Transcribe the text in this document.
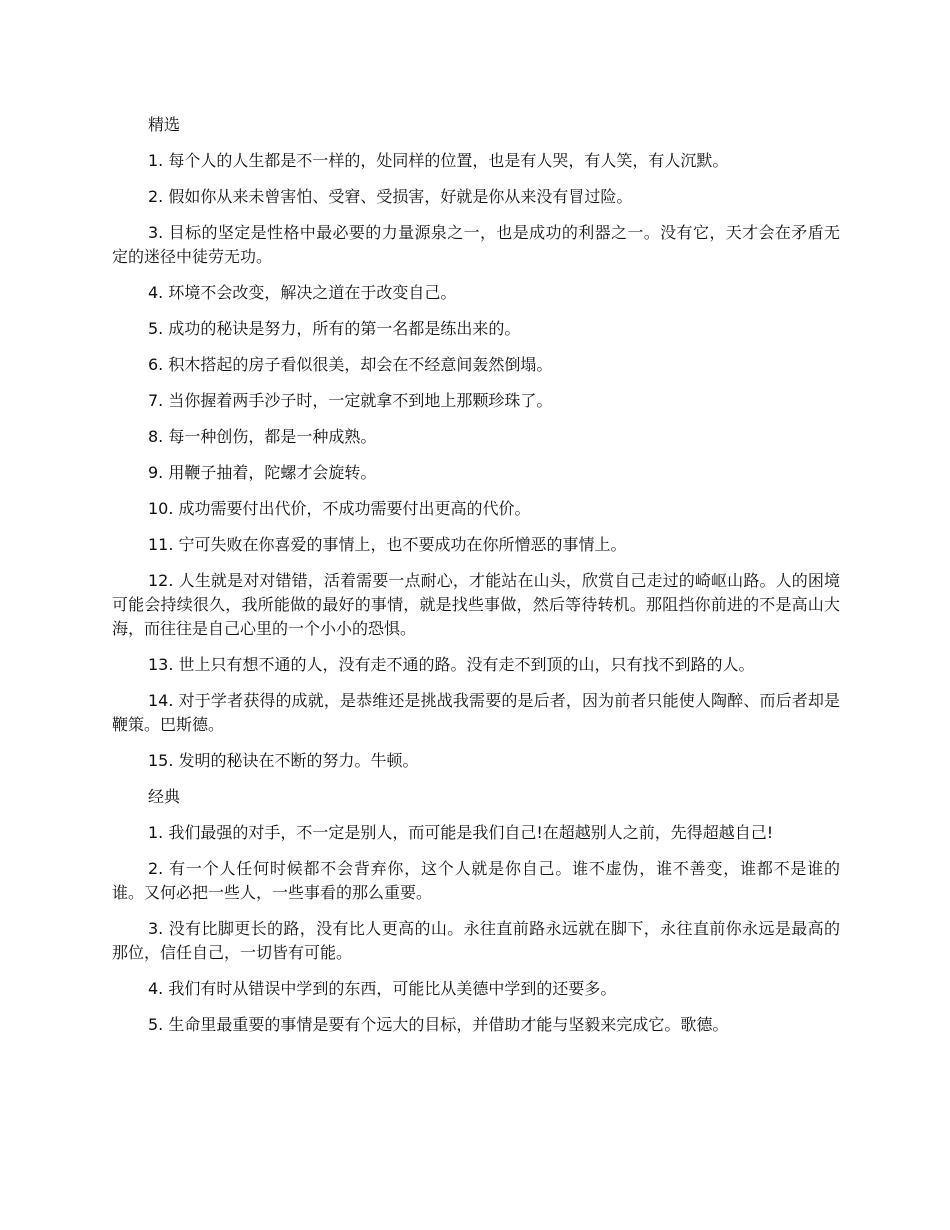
精选

1. 每个人的人生都是不一样的，处同样的位置，也是有人哭，有人笑，有人沉默。

2. 假如你从来未曾害怕、受窘、受损害，好就是你从来没有冒过险。

3. 目标的坚定是性格中最必要的力量源泉之一，也是成功的利器之一。没有它，天才会在矛盾无定的迷径中徒劳无功。

4. 环境不会改变，解决之道在于改变自己。

5. 成功的秘诀是努力，所有的第一名都是练出来的。

6. 积木搭起的房子看似很美，却会在不经意间轰然倒塌。

7. 当你握着两手沙子时，一定就拿不到地上那颗珍珠了。

8. 每一种创伤，都是一种成熟。

9. 用鞭子抽着，陀螺才会旋转。

10. 成功需要付出代价，不成功需要付出更高的代价。

11. 宁可失败在你喜爱的事情上，也不要成功在你所憎恶的事情上。

12. 人生就是对对错错，活着需要一点耐心，才能站在山头，欣赏自己走过的崎岖山路。人的困境可能会持续很久，我所能做的最好的事情，就是找些事做，然后等待转机。那阻挡你前进的不是高山大海，而往往是自己心里的一个小小的恐惧。

13. 世上只有想不通的人，没有走不通的路。没有走不到顶的山，只有找不到路的人。

14. 对于学者获得的成就，是恭维还是挑战我需要的是后者，因为前者只能使人陶醉、而后者却是鞭策。巴斯德。

15. 发明的秘诀在不断的努力。牛顿。

经典

1. 我们最强的对手，不一定是别人，而可能是我们自己!在超越别人之前，先得超越自己!

2. 有一个人任何时候都不会背弃你，这个人就是你自己。谁不虚伪，谁不善变，谁都不是谁的谁。又何必把一些人，一些事看的那么重要。

3. 没有比脚更长的路，没有比人更高的山。永往直前路永远就在脚下，永往直前你永远是最高的那位，信任自己，一切皆有可能。

4. 我们有时从错误中学到的东西，可能比从美德中学到的还要多。

5. 生命里最重要的事情是要有个远大的目标，并借助才能与坚毅来完成它。歌德。
